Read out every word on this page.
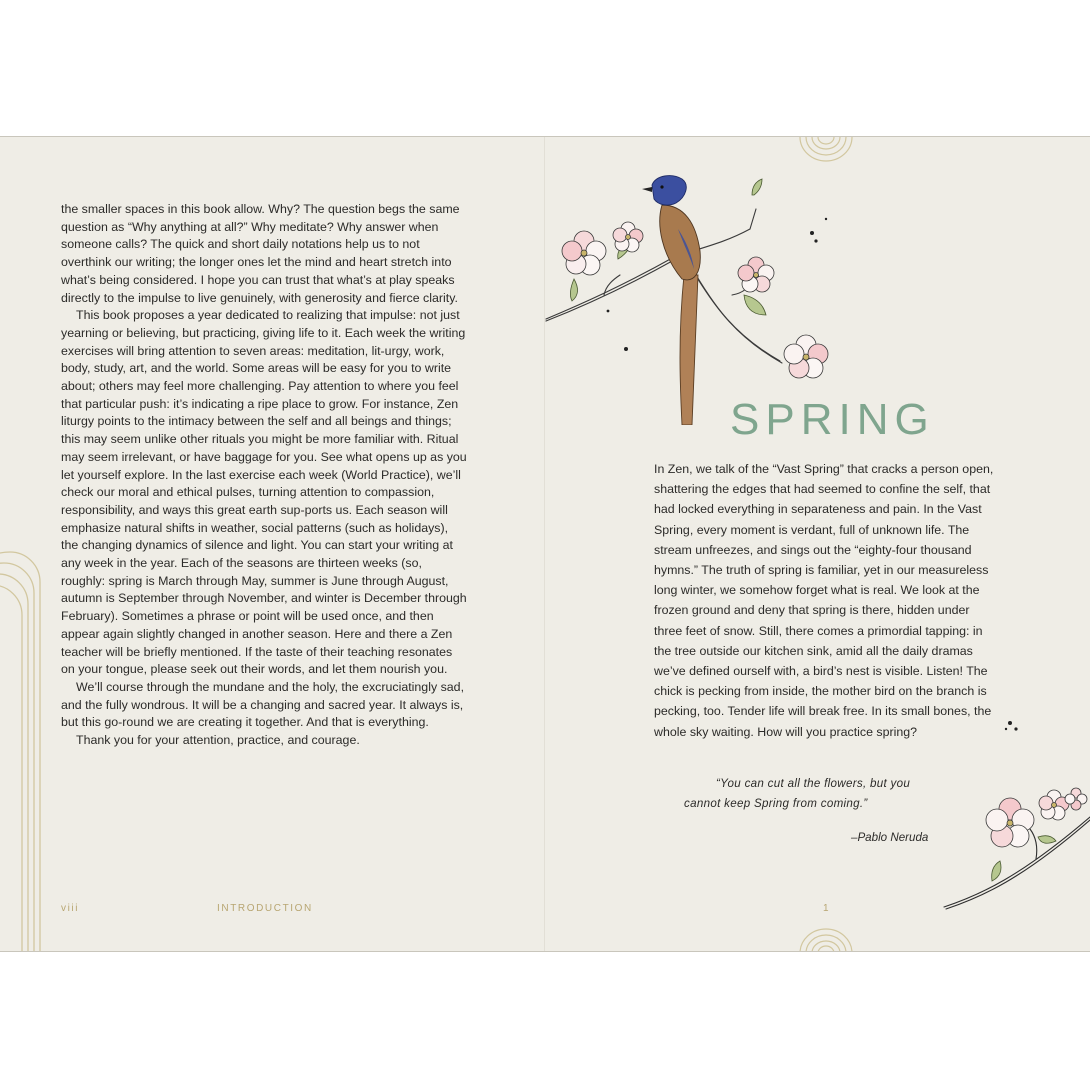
the smaller spaces in this book allow. Why? The question begs the same question as “Why anything at all?” Why meditate? Why answer when someone calls? The quick and short daily notations help us to not overthink our writing; the longer ones let the mind and heart stretch into what’s being considered. I hope you can trust that what’s at play speaks directly to the impulse to live genuinely, with generosity and fierce clarity.

This book proposes a year dedicated to realizing that impulse: not just yearning or believing, but practicing, giving life to it. Each week the writing exercises will bring attention to seven areas: meditation, lit-urgy, work, body, study, art, and the world. Some areas will be easy for you to write about; others may feel more challenging. Pay attention to where you feel that particular push: it’s indicating a ripe place to grow. For instance, Zen liturgy points to the intimacy between the self and all beings and things; this may seem unlike other rituals you might be more familiar with. Ritual may seem irrelevant, or have baggage for you. See what opens up as you let yourself explore. In the last exercise each week (World Practice), we’ll check our moral and ethical pulses, turning attention to compassion, responsibility, and ways this great earth sup-ports us. Each season will emphasize natural shifts in weather, social patterns (such as holidays), the changing dynamics of silence and light. You can start your writing at any week in the year. Each of the seasons are thirteen weeks (so, roughly: spring is March through May, summer is June through August, autumn is September through November, and winter is December through February). Sometimes a phrase or point will be used once, and then appear again slightly changed in another season. Here and there a Zen teacher will be briefly mentioned. If the taste of their teaching resonates on your tongue, please seek out their words, and let them nourish you.

We’ll course through the mundane and the holy, the excruciatingly sad, and the fully wondrous. It will be a changing and sacred year. It always is, but this go-round we are creating it together. And that is everything.

Thank you for your attention, practice, and courage.

SPRING

In Zen, we talk of the “Vast Spring” that cracks a person open, shattering the edges that had seemed to confine the self, that had locked everything in separateness and pain. In the Vast Spring, every moment is verdant, full of unknown life. The stream unfreezes, and sings out the “eighty-four thousand hymns.” The truth of spring is familiar, yet in our measureless long winter, we somehow forget what is real. We look at the frozen ground and deny that spring is there, hidden under three feet of snow. Still, there comes a primordial tapping: in the tree outside our kitchen sink, amid all the daily dramas we’ve defined ourself with, a bird’s nest is visible. Listen! The chick is pecking from inside, the mother bird on the branch is pecking, too. Tender life will break free. In its small bones, the whole sky waiting. How will you practice spring?

“You can cut all the flowers, but you
cannot keep Spring from coming.”
–Pablo Neruda
viii	INTRODUCTION	1
